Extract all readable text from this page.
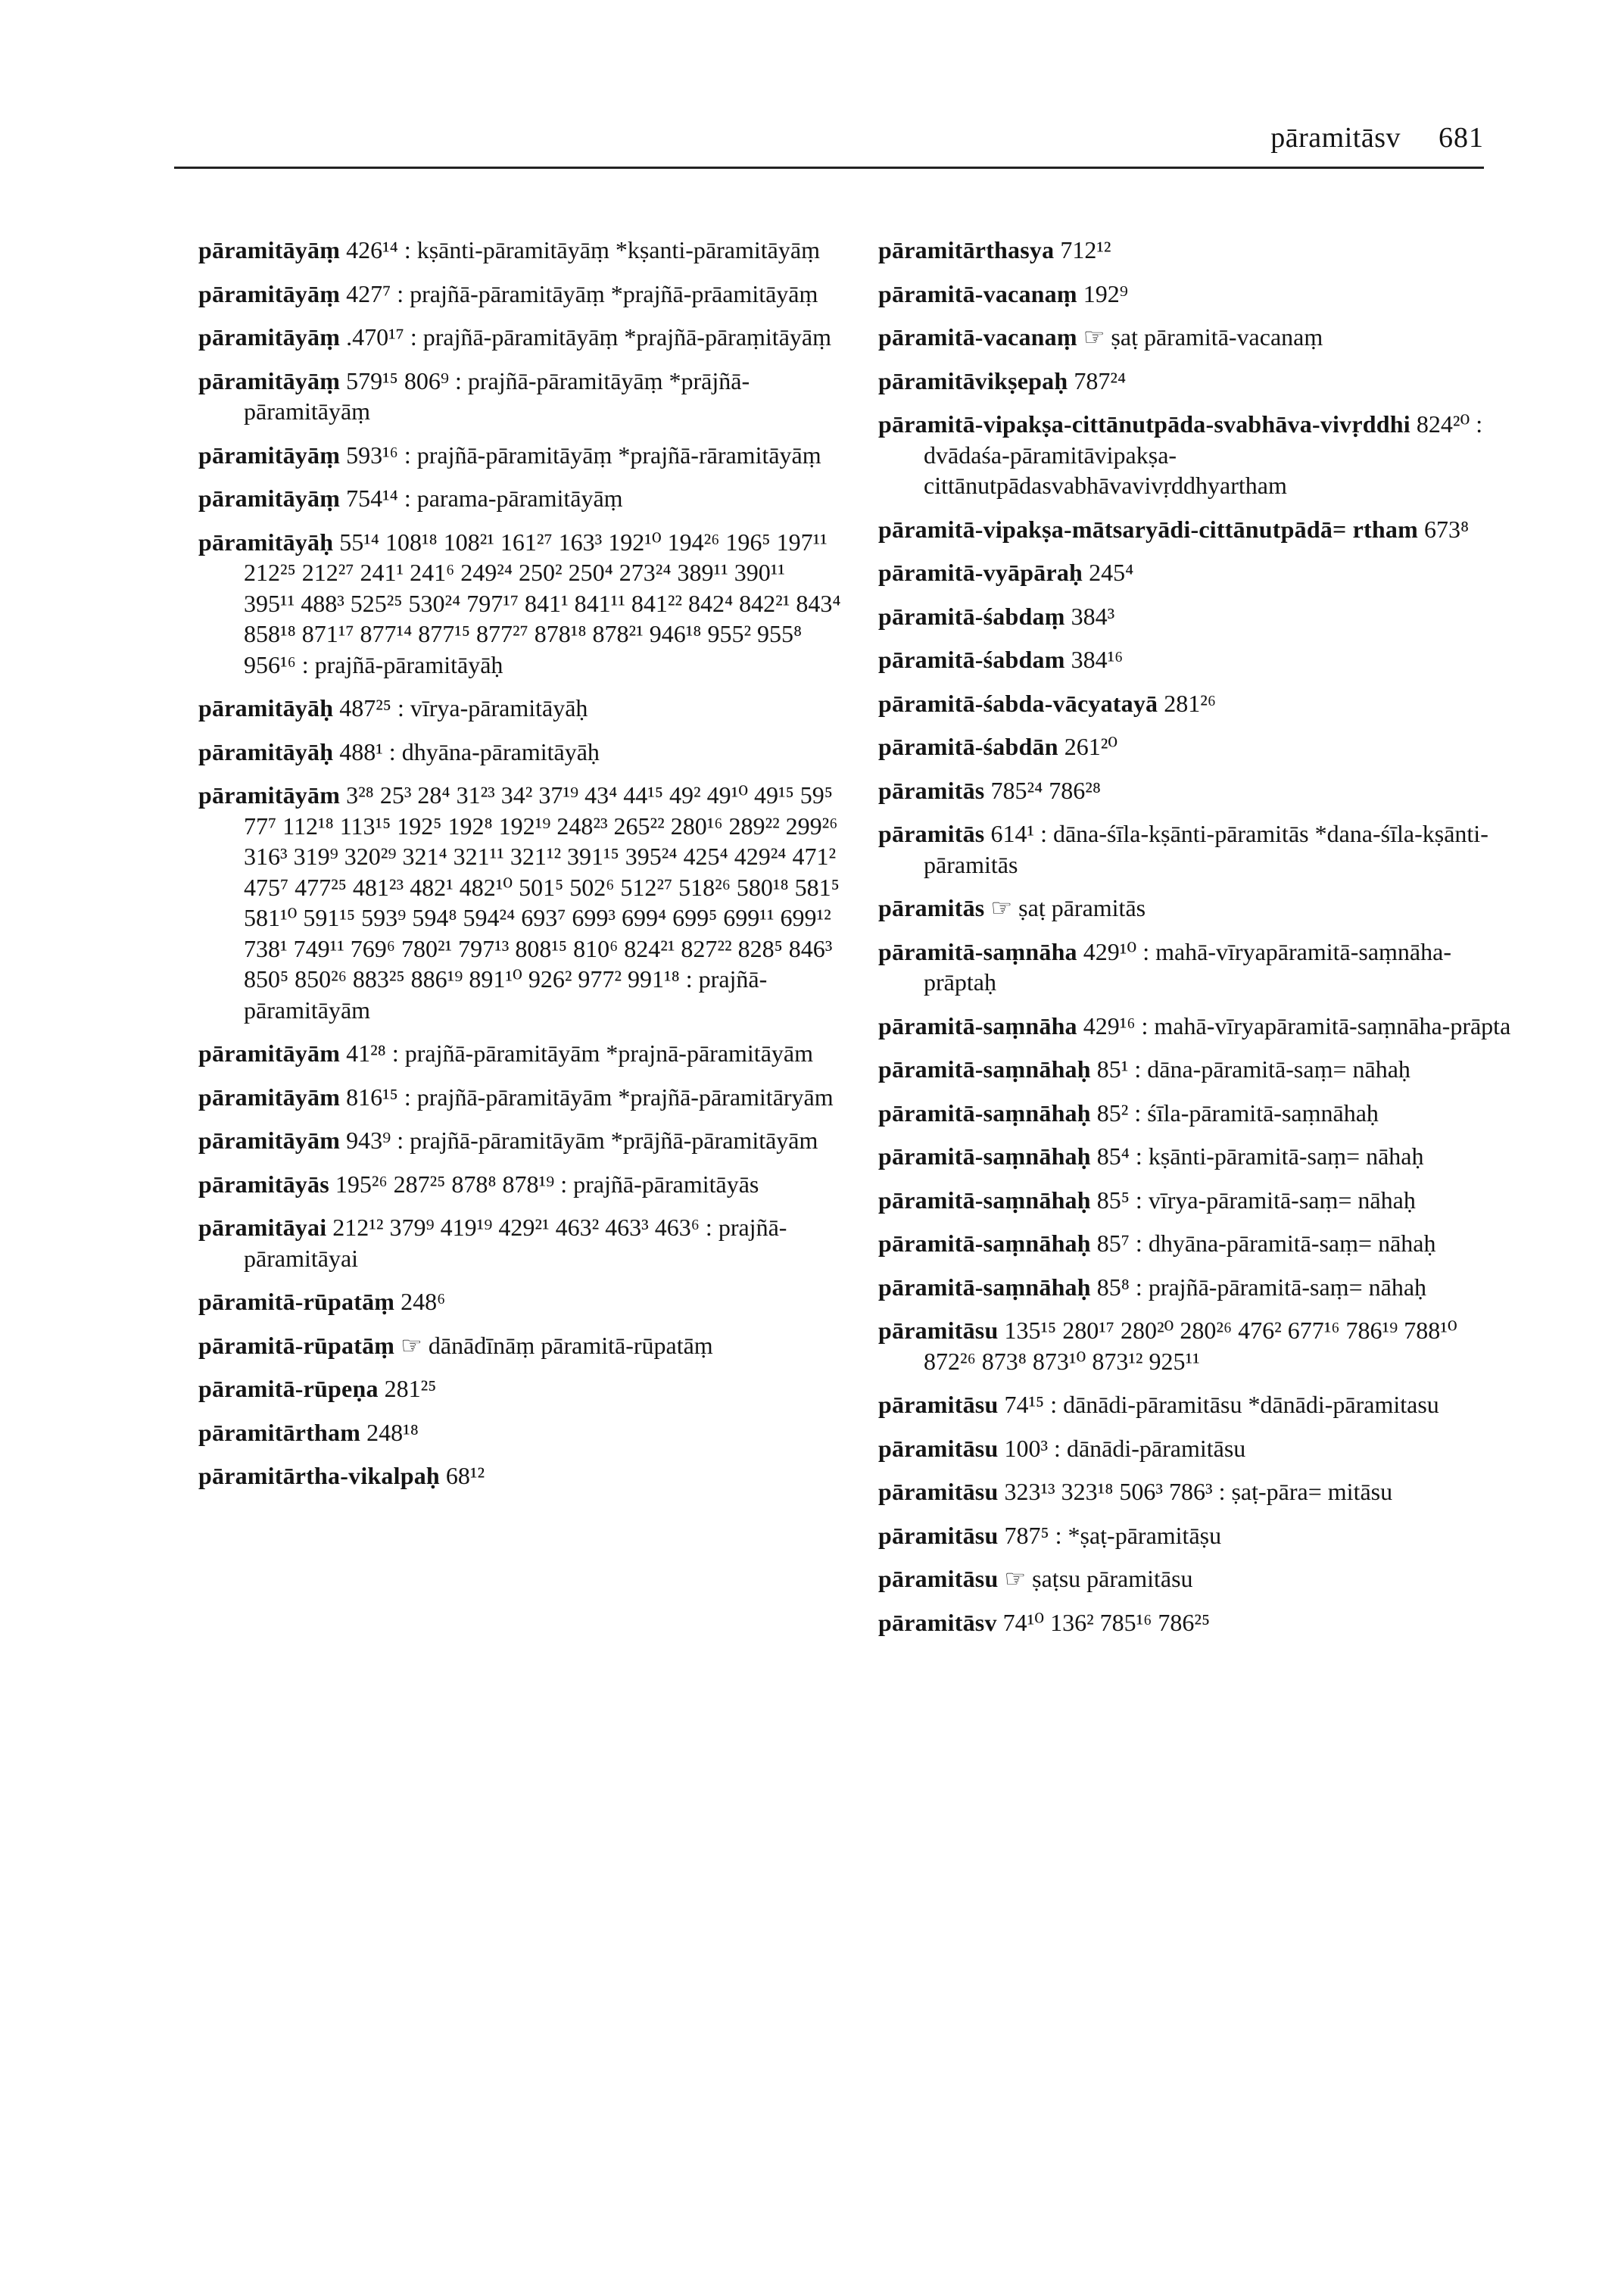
pāramitāsv 681

pāramitāyāṃ 426¹⁴ : kṣānti-pāramitāyāṃ *kṣanti-pāramitāyāṃ

pāramitāyāṃ 427⁷ : prajñā-pāramitāyāṃ *prajñā-prāamitāyāṃ

pāramitāyāṃ .470¹⁷ : prajñā-pāramitāyāṃ *prajñā-pāraṃitāyāṃ

pāramitāyāṃ 579¹⁵ 806⁹ : prajñā-pāramitāyāṃ *prājñā-pāramitāyāṃ

pāramitāyāṃ 593¹⁶ : prajñā-pāramitāyāṃ *prajñā-rāramitāyāṃ

pāramitāyāṃ 754¹⁴ : parama-pāramitāyāṃ

pāramitāyāḥ 55¹⁴ 108¹⁸ 108²¹ 161²⁷ 163³ 192¹⁰ 194²⁶ 196⁵ 197¹¹ 212²⁵ 212²⁷ 241¹ 241⁶ 249²⁴ 250² 250⁴ 273²⁴ 389¹¹ 390¹¹ 395¹¹ 488³ 525²⁵ 530²⁴ 797¹⁷ 841¹ 841¹¹ 841²² 842⁴ 842²¹ 843⁴ 858¹⁸ 871¹⁷ 877¹⁴ 877¹⁵ 877²⁷ 878¹⁸ 878²¹ 946¹⁸ 955² 955⁸ 956¹⁶ : prajñā-pāramitāyāḥ

pāramitāyāḥ 487²⁵ : vīrya-pāramitāyāḥ

pāramitāyāḥ 488¹ : dhyāna-pāramitāyāḥ

pāramitāyām 3²⁸ 25³ 28⁴ 31²³ 34² 37¹⁹ 43⁴ 44¹⁵ 49² 49¹⁰ 49¹⁵ 59⁵ 77⁷ 112¹⁸ 113¹⁵ 192⁵ 192⁸ 192¹⁹ 248²³ 265²² 280¹⁶ 289²² 299²⁶ 316³ 319⁹ 320²⁹ 321⁴ 321¹¹ 321¹² 391¹⁵ 395²⁴ 425⁴ 429²⁴ 471² 475⁷ 477²⁵ 481²³ 482¹ 482¹⁰ 501⁵ 502⁶ 512²⁷ 518²⁶ 580¹⁸ 581⁵ 581¹⁰ 591¹⁵ 593⁹ 594⁸ 594²⁴ 693⁷ 699³ 699⁴ 699⁵ 699¹¹ 699¹² 738¹ 749¹¹ 769⁶ 780²¹ 797¹³ 808¹⁵ 810⁶ 824²¹ 827²² 828⁵ 846³ 850⁵ 850²⁶ 883²⁵ 886¹⁹ 891¹⁰ 926² 977² 991¹⁸ : prajñā-pāramitāyām

pāramitāyām 41²⁸ : prajñā-pāramitāyām *prajnā-pāramitāyām

pāramitāyām 816¹⁵ : prajñā-pāramitāyām *prajñā-pāramitāryām

pāramitāyām 943⁹ : prajñā-pāramitāyām *prājñā-pāramitāyām

pāramitāyās 195²⁶ 287²⁵ 878⁸ 878¹⁹ : prajñā-pāramitāyās

pāramitāyai 212¹² 379⁹ 419¹⁹ 429²¹ 463² 463³ 463⁶ : prajñā-pāramitāyai

pāramitā-rūpatāṃ 248⁶

pāramitā-rūpatāṃ ☞ dānādīnāṃ pāramitā-rūpatāṃ

pāramitā-rūpeṇa 281²⁵

pāramitārtham 248¹⁸

pāramitārtha-vikalpaḥ 68¹²

pāramitārthasya 712¹²

pāramitā-vacanaṃ 192⁹

pāramitā-vacanaṃ ☞ ṣaṭ pāramitā-vacanaṃ

pāramitāvikṣepaḥ 787²⁴

pāramitā-vipakṣa-cittānutpāda-svabhāva-vivṛddhi 824²⁰ : dvādaśa-pāramitāvipakṣa-cittānutpādasvabhāvavivṛddhyartham

pāramitā-vipakṣa-mātsaryādi-cittānutpādā= rtham 673⁸

pāramitā-vyāpāraḥ 245⁴

pāramitā-śabdaṃ 384³

pāramitā-śabdam 384¹⁶

pāramitā-śabda-vācyatayā 281²⁶

pāramitā-śabdān 261²⁰

pāramitās 785²⁴ 786²⁸

pāramitās 614¹ : dāna-śīla-kṣānti-pāramitās *dana-śīla-kṣānti-pāramitās

pāramitās ☞ ṣaṭ pāramitās

pāramitā-saṃnāha 429¹⁰ : mahā-vīryapāramitā-saṃnāha-prāptaḥ

pāramitā-saṃnāha 429¹⁶ : mahā-vīryapāramitā-saṃnāha-prāpta

pāramitā-saṃnāhaḥ 85¹ : dāna-pāramitā-saṃ= nāhaḥ

pāramitā-saṃnāhaḥ 85² : śīla-pāramitā-saṃnāhaḥ

pāramitā-saṃnāhaḥ 85⁴ : kṣānti-pāramitā-saṃ= nāhaḥ

pāramitā-saṃnāhaḥ 85⁵ : vīrya-pāramitā-saṃ= nāhaḥ

pāramitā-saṃnāhaḥ 85⁷ : dhyāna-pāramitā-saṃ= nāhaḥ

pāramitā-saṃnāhaḥ 85⁸ : prajñā-pāramitā-saṃ= nāhaḥ

pāramitāsu 135¹⁵ 280¹⁷ 280²⁰ 280²⁶ 476² 677¹⁶ 786¹⁹ 788¹⁰ 872²⁶ 873⁸ 873¹⁰ 873¹² 925¹¹

pāramitāsu 74¹⁵ : dānādi-pāramitāsu *dānādi-pāramitasu

pāramitāsu 100³ : dānādi-pāramitāsu

pāramitāsu 323¹³ 323¹⁸ 506³ 786³ : ṣaṭ-pāra= mitāsu

pāramitāsu 787⁵ : *ṣaṭ-pāramitāṣu

pāramitāsu ☞ ṣaṭsu pāramitāsu

pāramitāsv 74¹⁰ 136² 785¹⁶ 786²⁵
